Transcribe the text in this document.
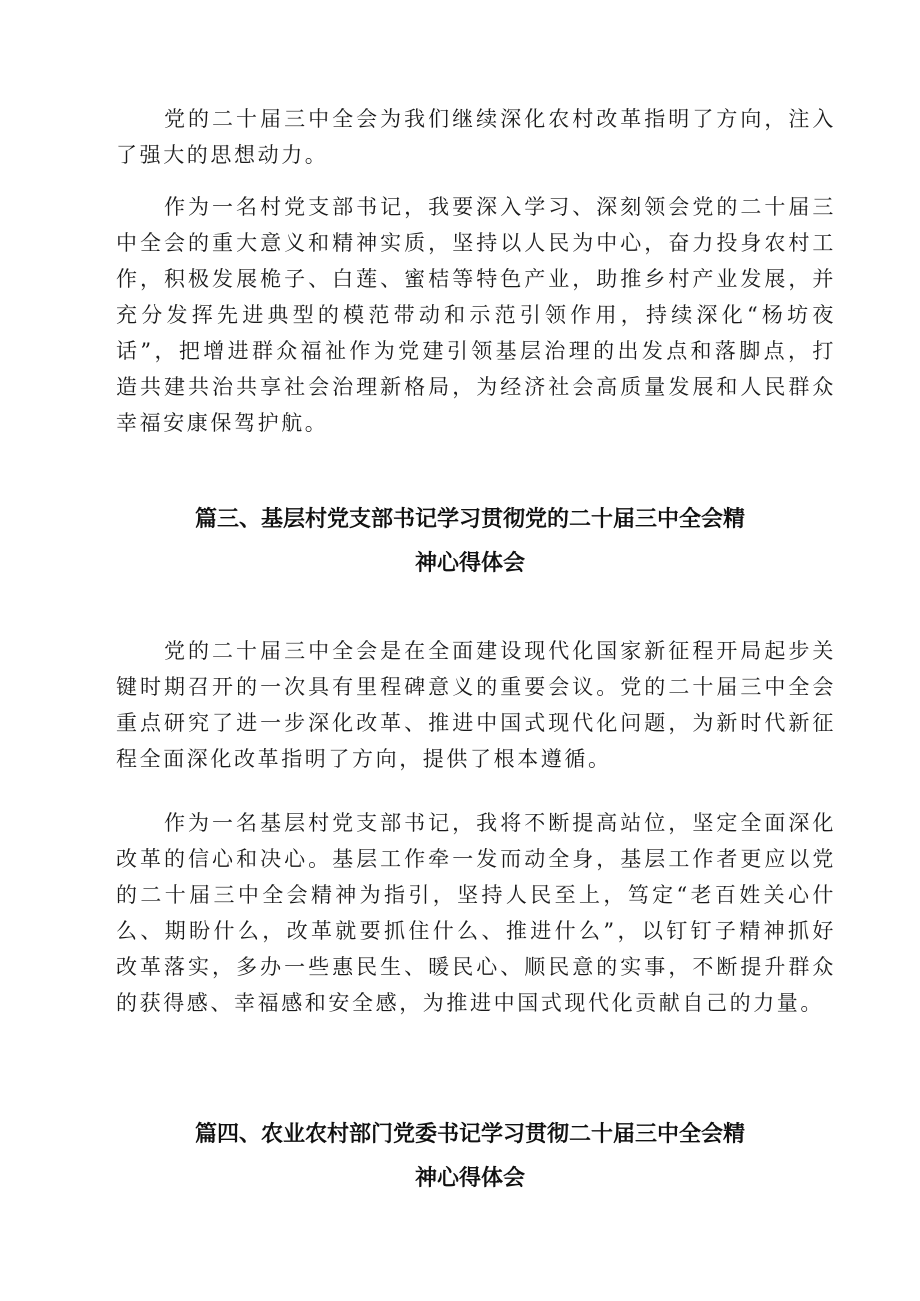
党的二十届三中全会为我们继续深化农村改革指明了方向，注入了强大的思想动力。

作为一名村党支部书记，我要深入学习、深刻领会党的二十届三中全会的重大意义和精神实质，坚持以人民为中心，奋力投身农村工作，积极发展桅子、白莲、蜜桔等特色产业，助推乡村产业发展，并充分发挥先进典型的模范带动和示范引领作用，持续深化“杨坊夜话”，把增进群众福祉作为党建引领基层治理的出发点和落脚点，打造共建共治共享社会治理新格局，为经济社会高质量发展和人民群众幸福安康保驾护航。

篇三、基层村党支部书记学习贯彻党的二十届三中全会精
神心得体会

党的二十届三中全会是在全面建设现代化国家新征程开局起步关键时期召开的一次具有里程碑意义的重要会议。党的二十届三中全会重点研究了进一步深化改革、推进中国式现代化问题，为新时代新征程全面深化改革指明了方向，提供了根本遵循。

作为一名基层村党支部书记，我将不断提高站位，坚定全面深化改革的信心和决心。基层工作牵一发而动全身，基层工作者更应以党的二十届三中全会精神为指引，坚持人民至上，笃定“老百姓关心什么、期盼什么，改革就要抓住什么、推进什么”，以钉钉子精神抓好改革落实，多办一些惠民生、暖民心、顺民意的实事，不断提升群众的获得感、幸福感和安全感，为推进中国式现代化贡献自己的力量。

篇四、农业农村部门党委书记学习贯彻二十届三中全会精
神心得体会
